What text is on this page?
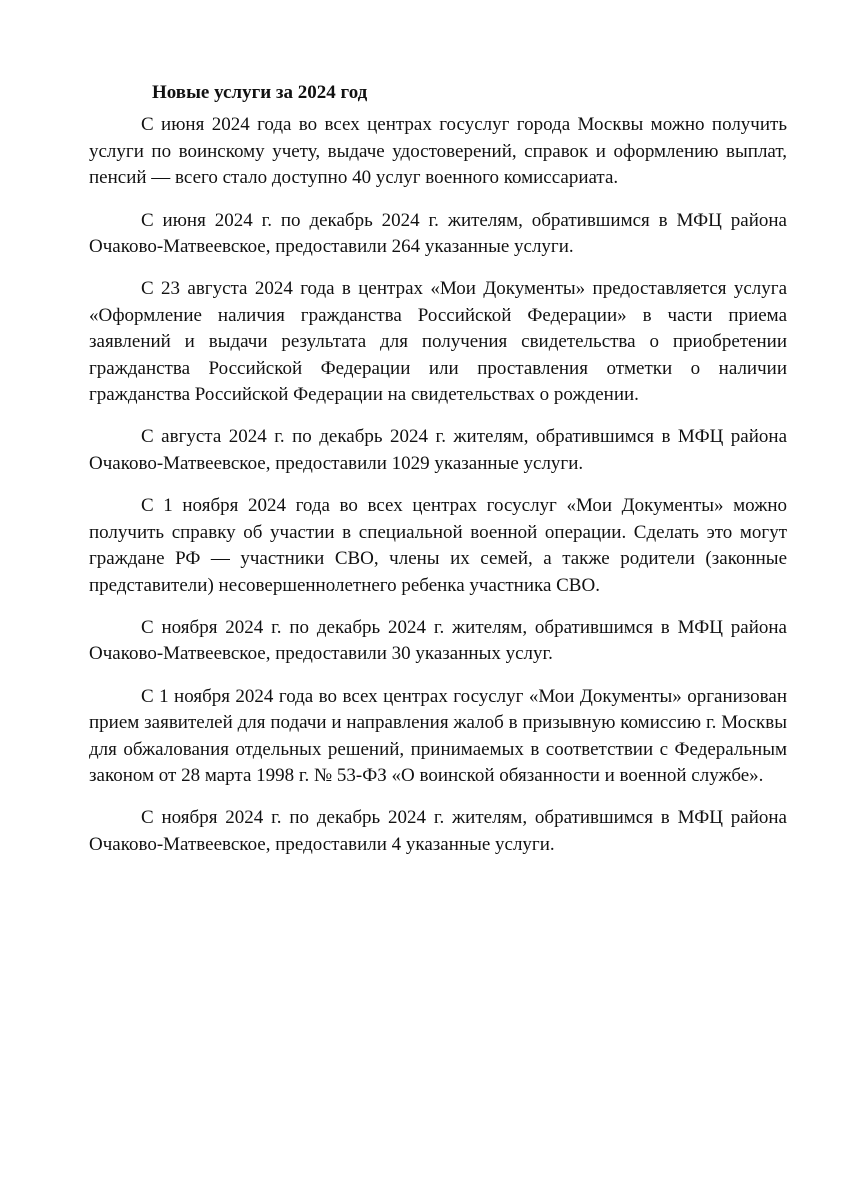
Новые услуги за 2024 год

С июня 2024 года во всех центрах госуслуг города Москвы можно получить услуги по воинскому учету, выдаче удостоверений, справок и оформлению выплат, пенсий — всего стало доступно 40 услуг военного комиссариата.

С июня 2024 г. по декабрь 2024 г. жителям, обратившимся в МФЦ района Очаково-Матвеевское, предоставили 264 указанные услуги.

С 23 августа 2024 года в центрах «Мои Документы» предоставляется услуга «Оформление наличия гражданства Российской Федерации» в части приема заявлений и выдачи результата для получения свидетельства о приобретении гражданства Российской Федерации или проставления отметки о наличии гражданства Российской Федерации на свидетельствах о рождении.

С августа 2024 г. по декабрь 2024 г. жителям, обратившимся в МФЦ района Очаково-Матвеевское, предоставили 1029 указанные услуги.

С 1 ноября 2024 года во всех центрах госуслуг «Мои Документы» можно получить справку об участии в специальной военной операции. Сделать это могут граждане РФ — участники СВО, члены их семей, а также родители (законные представители) несовершеннолетнего ребенка участника СВО.

С ноября 2024 г. по декабрь 2024 г. жителям, обратившимся в МФЦ района Очаково-Матвеевское, предоставили 30 указанных услуг.

С 1 ноября 2024 года во всех центрах госуслуг «Мои Документы» организован прием заявителей для подачи и направления жалоб в призывную комиссию г. Москвы для обжалования отдельных решений, принимаемых в соответствии с Федеральным законом от 28 марта 1998 г. № 53-ФЗ «О воинской обязанности и военной службе».

С ноября 2024 г. по декабрь 2024 г. жителям, обратившимся в МФЦ района Очаково-Матвеевское, предоставили 4 указанные услуги.
